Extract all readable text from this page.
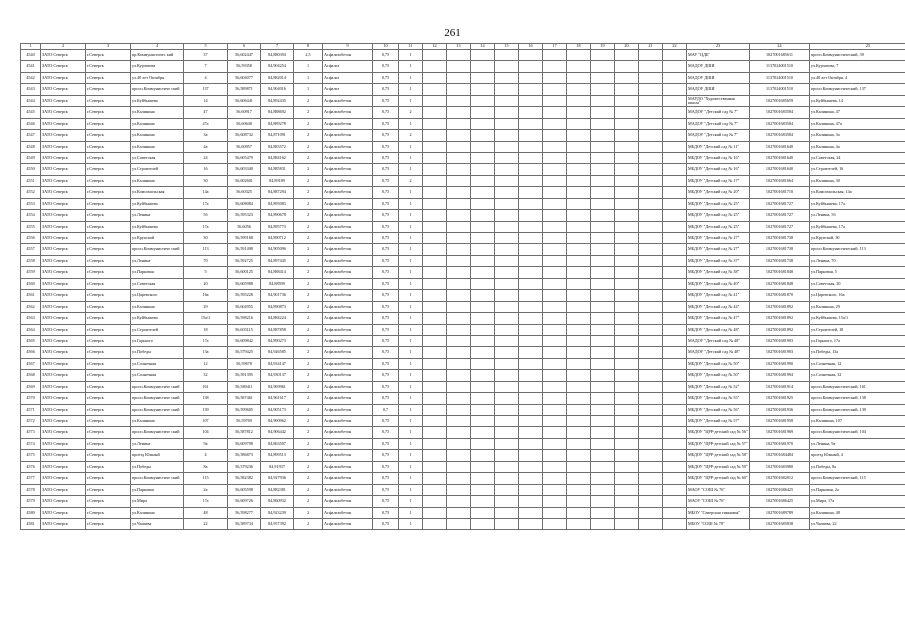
261
1	2	3	4	5	6	7	8	9	10	11	12	13	14	15	16	17	18	19	20	21	22	23	24	25
4540	ЗАТО Северск	г.Северск	пр.Коммунистичес кий	37	56,602447	84,880394	2,5	Асфальтобетон	0,75	1												МАУ "ЦДБ"	1027001685611	просп.Коммунистический, 39
4541	ЗАТО Северск	г.Северск	ул.Курчатова	7	56,59358	84,904254	1	Асфальт	0,75	1												МАДОУ ДШИ	1137024001510	ул.Курчатова, 7
4542	ЗАТО Северск	г.Северск	ул.40 лет Октября	4	56,604077	84,882014	1	Асфальт	0,75	1												МАДОУ ДШИ	1137024001510	ул.40 лет Октября, 4
4543	ЗАТО Северск	г.Северск	просп.Коммунистиче ский	137	56,589871	84,904016	1	Асфальт	0,75	1												МАДОУ ДШИ	1137024001510	просп.Коммунистический, 137
4544	ЗАТО Северск	г.Северск	ул.Куйбышева	14	56,606441	84,892435	2	Асфальтобетон	0,75	1												МАУДО "Художественная школа"	1027001685659	ул.Куйбышева, 14
4545	ЗАТО Северск	г.Северск	ул.Калинина	47	56,60917	84,888692	2	Асфальтобетон	0,75	2												МАДОУ "Детский сад № 7"	1027001683584	ул.Калинина, 47
4546	ЗАТО Северск	г.Северск	ул.Калинина	47а	56,60648	84,889278	2	Асфальтобетон	0,75	1												МАДОУ "Детский сад № 7"	1027001683584	ул.Калинина, 47а
4547	ЗАТО Северск	г.Северск	ул.Калинина	3а	56,608732	84,871091	2	Асфальтобетон	0,75	2												МАДОУ "Детский сад № 7"	1027001683584	ул.Калинина, 3а
4548	ЗАТО Северск	г.Северск	ул.Калинина	4а	56,60957	84,883572	2	Асфальтобетон	0,75	1												МБДОУ "Детский сад № 11"	1027001681640	ул.Калинина, 4а
4549	ЗАТО Северск	г.Северск	ул.Советская	24	56,605479	84,884162	2	Асфальтобетон	0,75	1												МБДОУ "Детский сад № 16"	1027001681640	ул.Советская, 24
4550	ЗАТО Северск	г.Северск	ул.Строителей	16	56,603340	84,885831	2	Асфальтобетон	0,75	1												МБДОУ "Детский сад № 16"	1027001681640	ул.Строителей, 16
4551	ЗАТО Северск	г.Северск	ул.Калинина	30	56,602601	84,89189	2	Асфальтобетон	0,75	2												МБДОУ "Детский сад № 17"	1027001681664	ул.Калинина, 30
4552	ЗАТО Северск	г.Северск	ул.Комсомольская	14а	56,60325	84,887294	2	Асфальтобетон	0,75	1												МБДОУ "Детский сад № 20"	1027001681710	ул.Комсомольская, 14а
4553	ЗАТО Северск	г.Северск	ул.Куйбышева	17а	56,608084	84,895083	2	Асфальтобетон	0,75	1												МБДОУ "Детский сад № 25"	1027001681727	ул.Куйбышева, 17а
4554	ЗАТО Северск	г.Северск	ул.Ленина	5б	56,595323	84,890678	2	Асфальтобетон	0,75	1												МБДОУ "Детский сад № 25"	1027001681727	ул.Ленина, 5б
4555	ЗАТО Северск	г.Северск	ул.Куйбышева	17а	56,6056	84,895773	2	Асфальтобетон	0,75	1												МБДОУ "Детский сад № 25"	1027001681727	ул.Куйбышева, 17а
4556	ЗАТО Северск	г.Северск	ул.Крупской	30	56,599168	84,890712	2	Асфальтобетон	0,75	1												МБДОУ "Детский сад № 27"	1027001681738	ул.Крупской, 30
4557	ЗАТО Северск	г.Северск	просп.Коммунистиче ский	113	56,591498	84,905096	2	Асфальтобетон	0,75	1												МБДОУ "Детский сад № 27"	1027001681738	просп.Коммунистический, 113
4558	ЗАТО Северск	г.Северск	ул.Ленина	70	56,592725	84,897445	2	Асфальтобетон	0,75	1												МБДОУ "Детский сад № 37"	1027001681738	ул.Ленина, 70
4559	ЗАТО Северск	г.Северск	ул.Парковая	5	56,600125	84,888414	2	Асфальтобетон	0,75	1												МБДОУ "Детский сад № 38"	1027001681848	ул.Парковая, 5
4560	ЗАТО Северск	г.Северск	ул.Советская	20	56,605988	84,88599	2	Асфальтобетон	0,75	1												МБДОУ "Детский сад № 40"	1027001681848	ул.Советская, 20
4561	ЗАТО Северск	г.Северск	ул.Царевского	16а	56,595228	84,901736	2	Асфальтобетон	0,75	1												МБДОУ "Детский сад № 41"	1027001681870	ул.Царевского, 16а
4562	ЗАТО Северск	г.Северск	ул.Калинина	29	56,604955	84,890873	2	Асфальтобетон	0,75	1												МБДОУ "Детский сад № 44"	1027001681892	ул.Калинина, 29
4563	ЗАТО Северск	г.Северск	ул.Куйбышева	15а/1	56,598216	84,884224	2	Асфальтобетон	0,75	1												МБДОУ "Детский сад № 47"	1027001681892	ул.Куйбышева, 15а/1
4564	ЗАТО Северск	г.Северск	ул.Строителей	18	56,603115	84,887858	2	Асфальтобетон	0,75	1												МБДОУ "Детский сад № 48"	1027001681892	ул.Строителей, 18
4565	ЗАТО Северск	г.Северск	ул.Горького	17а	56,609842	84,890273	2	Асфальтобетон	0,75	1												МАДОУ "Детский сад № 48"	1027001681903	ул.Горького, 17а
4566	ЗАТО Северск	г.Северск	ул.Победы	13а	56,579425	84,926585	2	Асфальтобетон	0,75	1												МАДОУ "Детский сад № 48"	1027001681903	ул.Победы, 13а
4567	ЗАТО Северск	г.Северск	ул.Солнечная	12	56,59678	84,934147	2	Асфальтобетон	0,75	1												МБДОУ "Детский сад № 50"	1027001681990	ул.Солнечная, 12
4568	ЗАТО Северск	г.Северск	ул.Солнечная	32	56,591395	84,930137	2	Асфальтобетон	0,75	1												МБДОУ "Детский сад № 50"	1027001681994	ул.Солнечная, 32
4569	ЗАТО Северск	г.Северск	просп.Коммунистиче ский	161	56,580411	84,969961	2	Асфальтобетон	0,75	1												МБДОУ "Детский сад № 52"	1027001681914	просп.Коммунистический, 161
4570	ЗАТО Северск	г.Северск	просп.Коммунистиче ский	138	56,587461	84,961617	2	Асфальтобетон	0,75	1												МБДОУ "Детский сад № 55"	1027001681925	просп.Коммунистический, 138
4571	ЗАТО Северск	г.Северск	просп.Коммунистиче ский	139	56,599605	84,905173	2	Асфальтобетон	0,7	1												МБДОУ "Детский сад № 56"	1027001681936	просп.Коммунистический, 139
4572	ЗАТО Северск	г.Северск	ул.Калинина	107	56,59769	84,900962	2	Асфальтобетон	0,75	1												МБДОУ "Детский сад № 57"	1027001681958	ул.Калинина, 107
4573	ЗАТО Северск	г.Северск	просп.Коммунистиче ский	104	56,587812	84,906442	2	Асфальтобетон	0,75	1												МБДОУ "ЦРР-детский сад № 56"	1027001681969	просп.Коммунистический, 104
4574	ЗАТО Северск	г.Северск	ул.Ленина	9а	56,609798	84,863507	2	Асфальтобетон	0,75	1												МБДОУ "ЦРР-детский сад № 57"	1027001681970	ул.Ленина, 9а
4575	ЗАТО Северск	г.Северск	проезд Южный	4	56,586873	84,899513	2	Асфальтобетон	0,75	1												МБДОУ "ЦРР-детский сад № 58"	1027001684484	проезд Южный, 4
4576	ЗАТО Северск	г.Северск	ул.Победы	8а	56,579236	84,91937	2	Асфальтобетон	0,75	1												МБДОУ "ЦРР-детский сад № 59"	1027001683980	ул.Победы, 8а
4577	ЗАТО Северск	г.Северск	просп.Коммунистиче ский	115	56,582382	84,927936	2	Асфальтобетон	0,75	1												МБДОУ "ЦРР-детский сад № 60"	1027001682012	просп.Коммунистический, 115
4578	ЗАТО Северск	г.Северск	ул.Парковая	2а	56,605598	84,882381	2	Асфальтобетон	0,75	1												МАОУ "СОШ № 76"	1027001686425	ул.Парковая, 2а
4579	ЗАТО Северск	г.Северск	ул.Мира	17а	56,609726	84,860932	2	Асфальтобетон	0,75	1												МАОУ "СОШ № 76"	1027001686425	ул.Мира, 17а
4580	ЗАТО Северск	г.Северск	ул.Калинина	48	56,598277	84,923239	2	Асфальтобетон	0,75	1												МБОУ "Северская гимназия"	1027001689789	ул.Калинина, 48
4581	ЗАТО Северск	г.Северск	ул.Чапаева	22	56,589734	84,957392	2	Асфальтобетон	0,75	1												МБОУ "СОШ № 78"	1027001685838	ул.Чапаева, 22
